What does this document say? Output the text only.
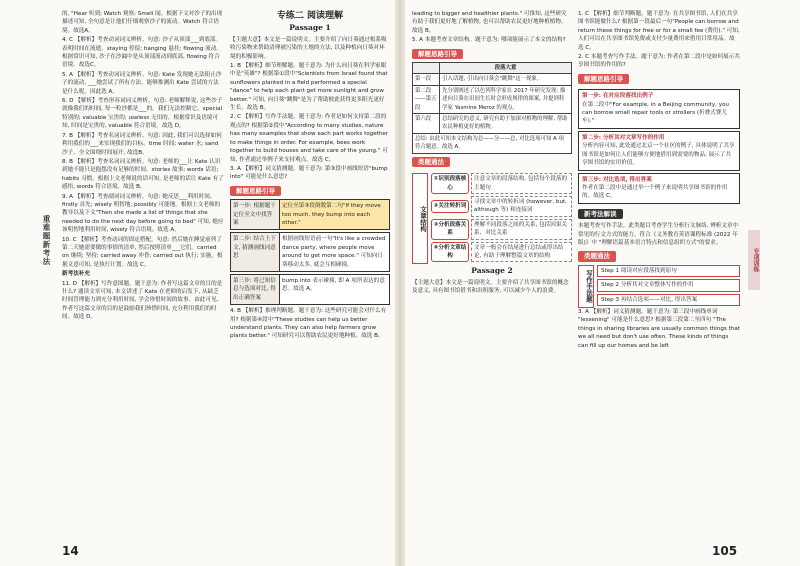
重难题新考法

的, "Hear 听到; Watch 观察; Smell 闻。根据下文对沙子的出现描述可知, 全句意是让他们仔细观察沙子的流动。Watch 符合语境。故选A。

4. C 【解析】考查动词词义辨析。句意: 沙子从顶部___到底部。表明时间在流逝。staying 停留; hanging 悬挂; flowing 流动。根据常识可知, 沙子在沙漏中是从顶部流动到底部, flowing 符合语境。故选C。

5. A 【解析】考查动词词义辨析。句意: Kate 发现她无法阻止沙子的流动, ___她尝试了所有方法。能够推测出 Kate 尝试的方法是什么呢。因此选 A。

6. D 【解析】考查形容词词义辨析。句意: 老师解释说, 这些沙子就像我们的时间, 每一粒沙都是___的。我们无法控制它。special 特别的; valuable 宝贵的; useless 无用的。根据常识及语境可知, 时间是宝贵的, valuable 符合语境。故选 D。

7. B 【解析】考查名词词义辨析。句意: 因此, 我们可以选择如何利用我们的___来实现我们的目标。time 时间; water 水; sand 沙子。全文围绕时间展开, 故选B。

8. B 【解析】考查名词词义辨析。句意: 老师的___让 Kate 认识到她不能只是抱怨没有足够的时间。stories 故事; words 话语; habits 习惯。根据上文老师说的话可知, 是老师的话让 Kate 有了感悟, words 符合语境。故选 B。

9. A 【解析】考查副词词义辨析。句意: 她反思___利用时间。firstly 首先; wisely 明智地; possibly 可能地。根据上文老师的教导以及下文"Then she made a list of things that she needed to do the next day before going to bed" 可知, 她应该明智地利用时间, wisely 符合语境。故选 A。

10. C 【解析】考查动词的固定搭配。句意: 然后她在睡觉前列了第二天她需要做的事情的清单, 然后按照清单___它们。carried on 继续; 坚持; carried away 冲昏; carried out 执行; 实施。根据文意可知, 是执行计划。故选 C。

新考法补充

11. D 【解析】写作意图题。题干意为: 作者写这篇文章的目的是什么? 通读文章可知, 本文讲述了 Kate 在老师的启发下, 从缺乏时间管理能力到充分利用时间, 学会珍惜时间的故事。由此可见, 作者写这篇文章的目的是鼓励我们珍惜时间, 充分利用我们的时间。故选 D。

专练二 阅读理解
Passage 1

【主题大意】本文是一篇说明文。主要介绍了向日葵通过根系吸收污染物来帮助清理被污染的土地的方法, 以及种植向日葵对环境的积极影响。

1. B 【解析】细节理解题。题干意为: 为什么向日葵在科学家眼中是"英雄"? 根据第①段中"Scientists from Israel found that sunflowers planted in a field performed a special "dance" to help each plant get more sunlight and grow better." 可知, 向日葵"跳舞"是为了帮助彼此获得更多阳光更好生长。故选 B。

2. C 【解析】写作手法题。题干意为: 作者是如何支持第二段的观点的? 根据第②段中"According to many studies, nature has many examples that show each part works together to make things in order. For example, bees work together to build houses and take care of the young." 可知, 作者通过举例子来支持观点。故选 C。

3. A 【解析】词义猜测题。题干意为: 第③段中画线短语"bump into" 可能是什么意思?

解题思路引导
第一步: 根据题干定位至文中找答案
定位至第③段倒数第二句"If they move too much, they bump into each other."
第二步: 结合上下文, 猜测画线词意思
根据画线短语前一句"It's like a crowded dance party, where people move around to get more space." 可知向日葵移动太多, 就会互相碰撞。
第三步: 将已知信息与选项对比, 得出正确答案
bump into 表示碰撞, 即 A 项所表达的意思。故选 A。

4. B 【解析】推理判断题。题干意为: 这些研究可能会对什么有用? 根据第④段中"These studies can help us better understand plants. They can also help farmers grow plants better." 可知研究可以帮助农民更好地种植。故选 B。

14

leading to bigger and healthier plants." 可推知, 这些研究有助于我们更好地了解植物, 也可以帮助农民更好地种植植物。故选 B。

5. A 本题考查文章结构。题干意为: 哪项能展示了本文的结构?

解题思路引导
	段落大意
第一段	引入话题, 引出向日葵会"跳舞"这一现象。
第二段——第五段	先分别阐述了以色列科学家在 2017 年研究发现: 描述向日葵在田间生长时会形成规律的图案, 并提到科学家 Yasmine Meroz 的观点。
第六段	总结研究的意义, 研究有助于加深对植物的理解, 帮助农民种植更好的植物。
总结: 由此可知本文结构为总——分——总, 对比选项可知 A 项符合题意。故选 A。	
类题通法
文章结构
①识别段落核心
注意文章的段落结构, 包括每个段落的主题句
②关注转折词
寻找文章中的转折词 (however, but, although 等) 和连接词
③分析段落关系
理解不同段落之间的关系, 包括因果关系、对比关系
④分析文章结构
文章一般会在结尾进行总结或得出结论, 有助于理解整篇文章的结构
Passage 2

【主题大意】本文是一篇说明文。主要介绍了共享图书馆的概念及意义, 具有图书馆借书和出租服务, 可以减少个人的浪费。

1. C 【解析】细节判断题。题干意为: 在共享图书馆, 人们在共享图书馆能做什么? 根据第一段最后一句"People can borrow and return these things for free or for a small fee (费用)." 可知, 人们可以在共享图书馆免费或支付少量费用来借用日常用品。故选 C。

2. C 本题考查写作手法。题干意为: 作者在第二段中是如何展示共享图书馆的作用的?

解题思路引导
第一步: 在对应段落找出例子
在第二段中"For example, in a Beijing community, you can borrow small repair tools or strollers (折叠式婴儿车)."
第二步: 分析其对文章写作的作用
分析内容可知, 此处通过北京一个社区的例子, 具体说明了共享图书馆是如何让人们能够方便地借用到需要的物品, 展示了共享图书馆的实用价值。
第三步: 对比选项, 得出答案
作者在第二段中是通过举一个例子来说明共享图书馆的作用的。故选 C。
新考法解读

本题考查写作手法。此类题目考查学生分析行文脉络, 辨析文章中常见的行文方式的能力。符合《义务教育英语课程标准 (2022 年版)》中 "理解语篇基本语言特点和信息组织方式"的要求。

类题通法
写作手法题	Step 1 阅读对应段落找到原句
Step 2 分析其对文章整体写作的作用
Step 3 再结合选项——对比, 得出答案

3. A 【解析】词义猜测题。题干意为: 第三段中画线单词 "lessening" 可能是什么意思? 根据第三段第二至四句 "The things in sharing libraries are usually common things that we all need but don't use often. These kinds of things can fill up our homes and be left

专项训练
105
